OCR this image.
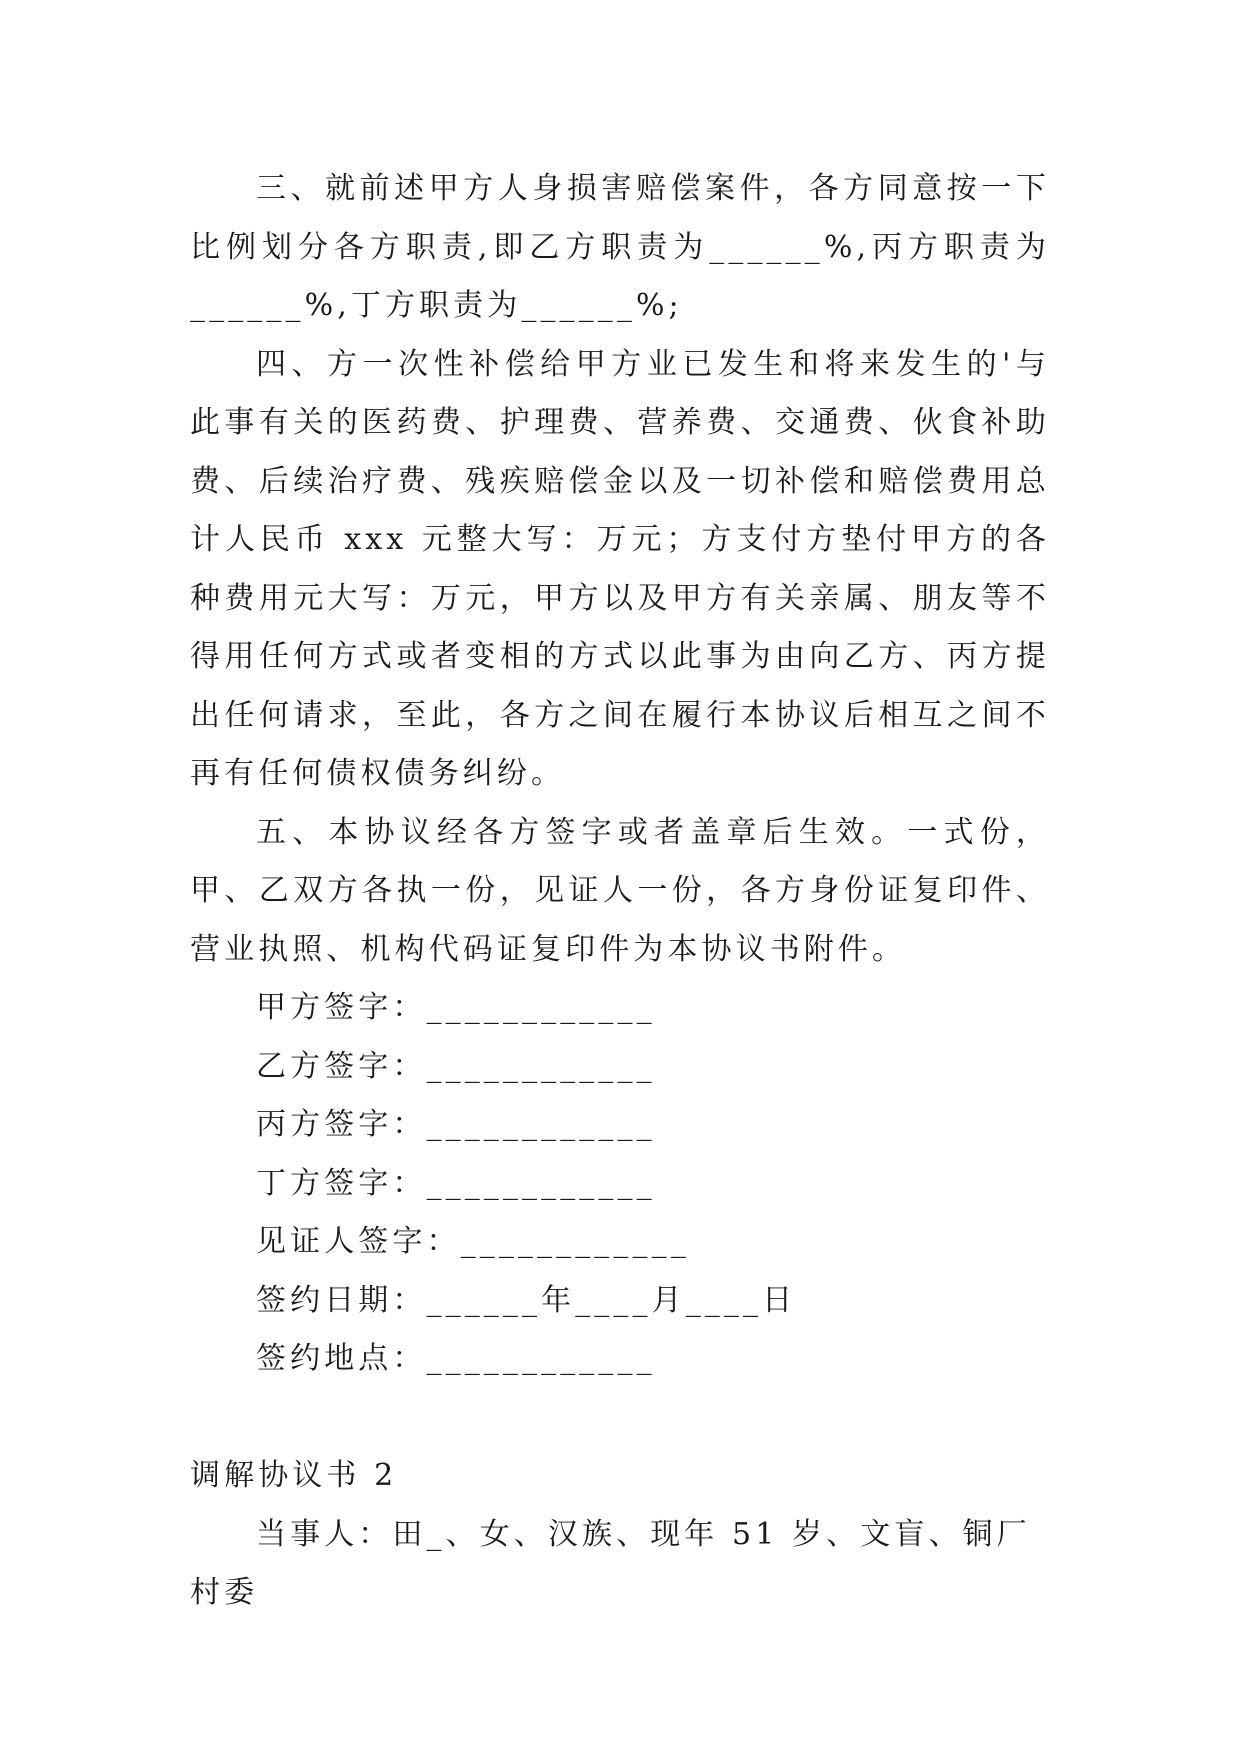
三、就前述甲方人身损害赔偿案件，各方同意按一下比例划分各方职责,即乙方职责为______%,丙方职责为______%,丁方职责为______%;

四、方一次性补偿给甲方业已发生和将来发生的'与此事有关的医药费、护理费、营养费、交通费、伙食补助费、后续治疗费、残疾赔偿金以及一切补偿和赔偿费用总计人民币 xxx 元整大写：万元；方支付方垫付甲方的各种费用元大写：万元，甲方以及甲方有关亲属、朋友等不得用任何方式或者变相的方式以此事为由向乙方、丙方提出任何请求，至此，各方之间在履行本协议后相互之间不再有任何债权债务纠纷。

五、本协议经各方签字或者盖章后生效。一式份，甲、乙双方各执一份，见证人一份，各方身份证复印件、营业执照、机构代码证复印件为本协议书附件。

甲方签字：____________

乙方签字：____________

丙方签字：____________

丁方签字：____________

见证人签字：____________

签约日期：______年____月____日

签约地点：____________

调解协议书 2

当事人：田_、女、汉族、现年 51 岁、文盲、铜厂村委
